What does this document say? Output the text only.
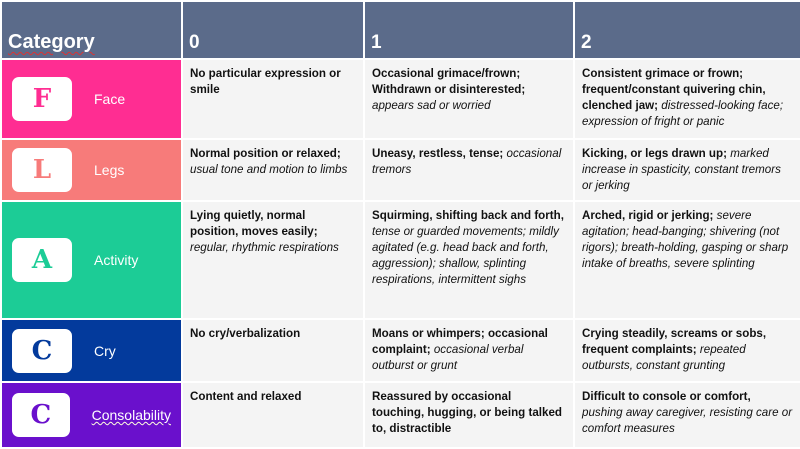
Category	0	1	2

F Face	No particular expression or smile	Occasional grimace/frown; Withdrawn or disinterested; appears sad or worried	Consistent grimace or frown; frequent/constant quivering chin, clenched jaw; distressed-looking face; expression of fright or panic

L Legs	Normal position or relaxed; usual tone and motion to limbs	Uneasy, restless, tense; occasional tremors	Kicking, or legs drawn up; marked increase in spasticity, constant tremors or jerking

A Activity	Lying quietly, normal position, moves easily; regular, rhythmic respirations	Squirming, shifting back and forth, tense or guarded movements; mildly agitated (e.g. head back and forth, aggression); shallow, splinting respirations, intermittent sighs	Arched, rigid or jerking; severe agitation; head-banging; shivering (not rigors); breath-holding, gasping or sharp intake of breaths, severe splinting

C Cry	No cry/verbalization	Moans or whimpers; occasional complaint; occasional verbal outburst or grunt	Crying steadily, screams or sobs, frequent complaints; repeated outbursts, constant grunting

C Consolability	Content and relaxed	Reassured by occasional touching, hugging, or being talked to, distractible	Difficult to console or comfort, pushing away caregiver, resisting care or comfort measures
